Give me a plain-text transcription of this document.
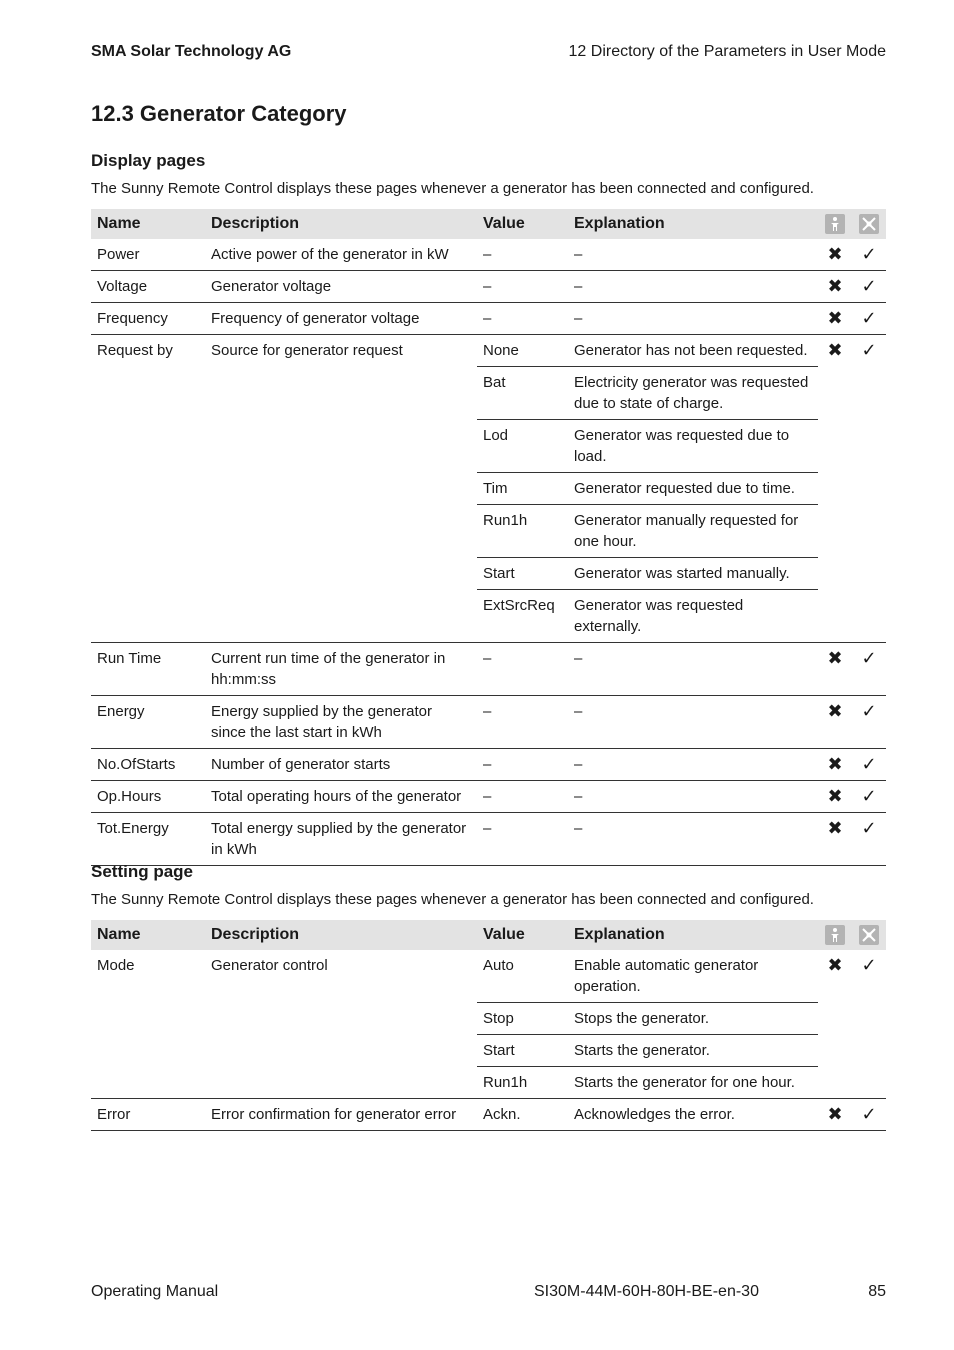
SMA Solar Technology AG	12 Directory of the Parameters in User Mode
12.3 Generator Category
Display pages
The Sunny Remote Control displays these pages whenever a generator has been connected and configured.
Name	Description	Value	Explanation	

Power	Active power of the generator in kW	–	–	✖	✓
Voltage	Generator voltage	–	–	✖	✓
Frequency	Frequency of generator voltage	–	–	✖	✓
Request by	Source for generator request	None	Generator has not been requested.	✖	✓
		Bat	Electricity generator was requested due to state of charge.		
		Lod	Generator was requested due to load.		
		Tim	Generator requested due to time.		
		Run1h	Generator manually requested for one hour.		
		Start	Generator was started manually.		
		ExtSrcReq	Generator was requested externally.		
Run Time	Current run time of the generator in hh:mm:ss	–	–	✖	✓
Energy	Energy supplied by the generator since the last start in kWh	–	–	✖	✓
No.OfStarts	Number of generator starts	–	–	✖	✓
Op.Hours	Total operating hours of the generator	–	–	✖	✓
Tot.Energy	Total energy supplied by the generator in kWh	–	–	✖	✓
Setting page
The Sunny Remote Control displays these pages whenever a generator has been connected and configured.
Name	Description	Value	Explanation	

Mode	Generator control	Auto	Enable automatic generator operation.	✖	✓
		Stop	Stops the generator.		
		Start	Starts the generator.		
		Run1h	Starts the generator for one hour.		
Error	Error confirmation for generator error	Ackn.	Acknowledges the error.	✖	✓
Operating Manual	SI30M-44M-60H-80H-BE-en-30	85
